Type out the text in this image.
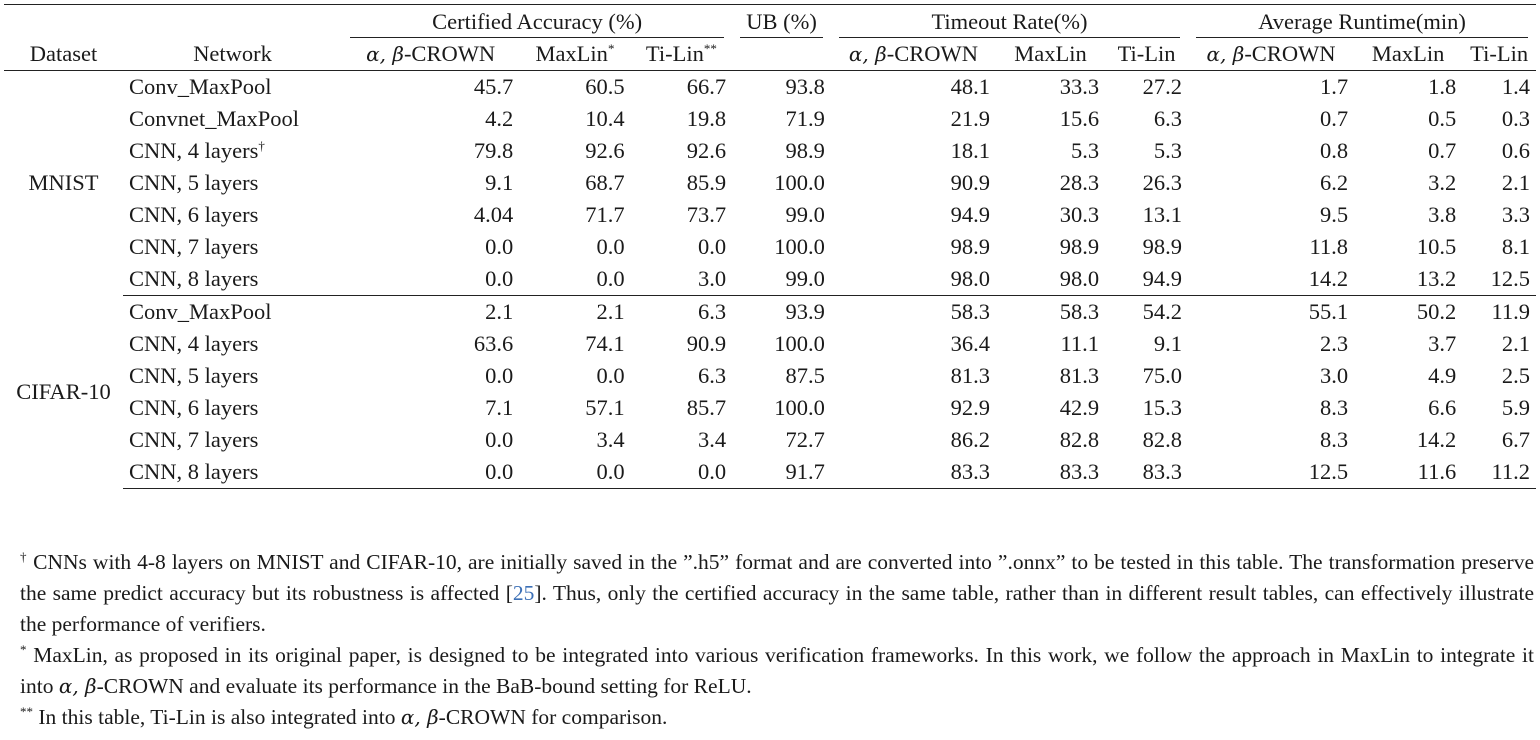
		Certified Accuracy (%)			UB (%)	Timeout Rate(%)			Average Runtime(min)		

Dataset	Network	α, β-CROWN	MaxLin*	Ti-Lin**		α, β-CROWN	MaxLin	Ti-Lin	α, β-CROWN	MaxLin	Ti-Lin
MNIST	Conv_MaxPool	45.7	60.5	66.7	93.8	48.1	33.3	27.2	1.7	1.8	1.4
	Convnet_MaxPool	4.2	10.4	19.8	71.9	21.9	15.6	6.3	0.7	0.5	0.3
	CNN, 4 layers†	79.8	92.6	92.6	98.9	18.1	5.3	5.3	0.8	0.7	0.6
	CNN, 5 layers	9.1	68.7	85.9	100.0	90.9	28.3	26.3	6.2	3.2	2.1
	CNN, 6 layers	4.04	71.7	73.7	99.0	94.9	30.3	13.1	9.5	3.8	3.3
	CNN, 7 layers	0.0	0.0	0.0	100.0	98.9	98.9	98.9	11.8	10.5	8.1
	CNN, 8 layers	0.0	0.0	3.0	99.0	98.0	98.0	94.9	14.2	13.2	12.5
CIFAR-10	Conv_MaxPool	2.1	2.1	6.3	93.9	58.3	58.3	54.2	55.1	50.2	11.9
	CNN, 4 layers	63.6	74.1	90.9	100.0	36.4	11.1	9.1	2.3	3.7	2.1
	CNN, 5 layers	0.0	0.0	6.3	87.5	81.3	81.3	75.0	3.0	4.9	2.5
	CNN, 6 layers	7.1	57.1	85.7	100.0	92.9	42.9	15.3	8.3	6.6	5.9
	CNN, 7 layers	0.0	3.4	3.4	72.7	86.2	82.8	82.8	8.3	14.2	6.7
	CNN, 8 layers	0.0	0.0	0.0	91.7	83.3	83.3	83.3	12.5	11.6	11.2

† CNNs with 4-8 layers on MNIST and CIFAR-10, are initially saved in the ”.h5” format and are converted into ”.onnx” to be tested in this table. The transformation preserve the same predict accuracy but its robustness is affected [25]. Thus, only the certified accuracy in the same table, rather than in different result tables, can effectively illustrate the performance of verifiers.

* MaxLin, as proposed in its original paper, is designed to be integrated into various verification frameworks. In this work, we follow the approach in MaxLin to integrate it into α, β-CROWN and evaluate its performance in the BaB-bound setting for ReLU.

** In this table, Ti-Lin is also integrated into α, β-CROWN for comparison.
